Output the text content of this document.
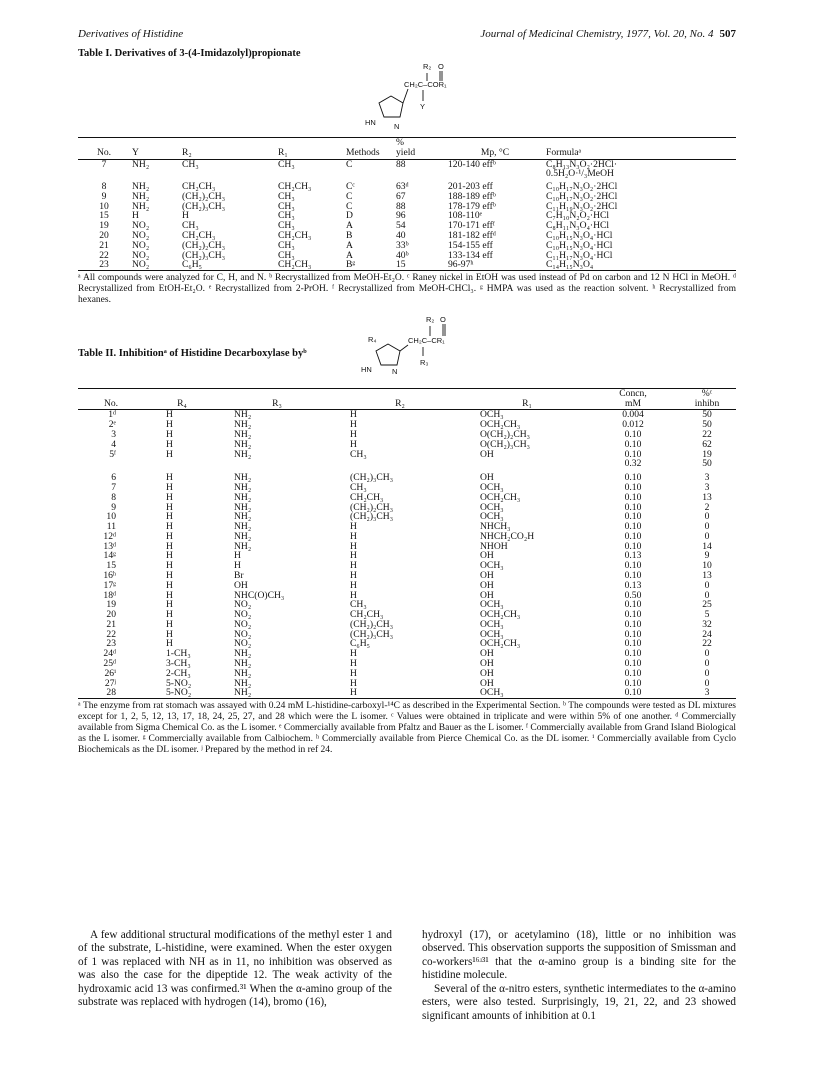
Derivatives of Histidine	Journal of Medicinal Chemistry, 1977, Vol. 20, No. 4 507
Table I. Derivatives of 3-(4-Imidazolyl)propionate
R₂ O
CH₂C–COR₁
HN N
Y
No.	Y	R₂	R₁	Methods	%
yield	Mp, °C	Formulaᵃ
7	NH₂	CH₃	CH₃	C	88	120-140 effᵇ	C₈H₁₃N₃O₂·2HCl·
0.5H₂O·¹/₃MeOH
8	NH₂	CH₂CH₃	CH₂CH₃	Cᶜ	63ᵈ	201-203 eff	C₁₀H₁₇N₃O₂·2HCl
9	NH₂	(CH₂)₂CH₃	CH₃	C	67	188-189 effᵇ	C₁₀H₁₇N₃O₂·2HCl
10	NH₂	(CH₂)₃CH₃	CH₃	C	88	178-179 effᵇ	C₁₁H₁₉N₃O₂·2HCl
15	H	H	CH₃	D	96	108-110ᵉ	C₇H₁₀N₂O₂·HCl
19	NO₂	CH₃	CH₃	A	54	170-171 effᶠ	C₈H₁₁N₃O₄·HCl
20	NO₂	CH₂CH₃	CH₂CH₃	B	40	181-182 effᵈ	C₁₀H₁₅N₃O₄·HCl
21	NO₂	(CH₂)₂CH₃	CH₃	A	33ᵇ	154-155 eff	C₁₀H₁₅N₃O₄·HCl
22	NO₂	(CH₂)₃CH₃	CH₃	A	40ᵇ	133-134 eff	C₁₁H₁₇N₃O₄·HCl
23	NO₂	C₆H₅	CH₂CH₃	Bᵍ	15	96-97ʰ	C₁₄H₁₅N₃O₄
ᵃ All compounds were analyzed for C, H, and N. ᵇ Recrystallized from MeOH-Et₂O. ᶜ Raney nickel in EtOH was used instead of Pd on carbon and 12 N HCl in MeOH. ᵈ Recrystallized from EtOH-Et₂O. ᵉ Recrystallized from 2-PrOH. ᶠ Recrystallized from MeOH-CHCl₃. ᵍ HMPA was used as the reaction solvent. ʰ Recrystallized from hexanes.
Table II. Inhibitionᵃ of Histidine Decarboxylase byᵇ
R₂ O
R₄	CH₂C–CR₁
HN	N
R₃
No.	R₄	R₃	R₂	R₁	Concn,
mM	%ᶜ
inhibn
1ᵈ	H	NH₂	H	OCH₃	0.004	50
2ᵉ	H	NH₂	H	OCH₂CH₃	0.012	50
3	H	NH₂	H	O(CH₂)₂CH₃	0.10	22
4	H	NH₂	H	O(CH₂)₃CH₃	0.10	62
5ᶠ	H	NH₂	CH₃	OH	0.10	19
					0.32	50
6	H	NH₂	(CH₂)₃CH₃	OH	0.10	3
7	H	NH₂	CH₃	OCH₃	0.10	3
8	H	NH₂	CH₂CH₃	OCH₂CH₃	0.10	13
9	H	NH₂	(CH₂)₂CH₃	OCH₃	0.10	2
10	H	NH₂	(CH₂)₃CH₃	OCH₃	0.10	0
11	H	NH₂	H	NHCH₃	0.10	0
12ᵈ	H	NH₂	H	NHCH₂CO₂H	0.10	0
13ᵈ	H	NH₂	H	NHOH	0.10	14
14ᵍ	H	H	H	OH	0.13	9
15	H	H	H	OCH₃	0.10	10
16ʰ	H	Br	H	OH	0.10	13
17ᵍ	H	OH	H	OH	0.13	0
18ᵈ	H	NHC(O)CH₃	H	OH	0.50	0
19	H	NO₂	CH₃	OCH₃	0.10	25
20	H	NO₂	CH₂CH₃	OCH₂CH₃	0.10	5
21	H	NO₂	(CH₂)₂CH₃	OCH₃	0.10	32
22	H	NO₂	(CH₂)₃CH₃	OCH₃	0.10	24
23	H	NO₂	C₆H₅	OCH₂CH₃	0.10	22
24ᵈ	1-CH₃	NH₂	H	OH	0.10	0
25ᵈ	3-CH₃	NH₂	H	OH	0.10	0
26ⁱ	2-CH₃	NH₂	H	OH	0.10	0
27ʲ	5-NO₂	NH₂	H	OH	0.10	0
28	5-NO₂	NH₂	H	OCH₃	0.10	3
ᵃ The enzyme from rat stomach was assayed with 0.24 mM L-histidine-carboxyl-¹⁴C as described in the Experimental Section. ᵇ The compounds were tested as DL mixtures except for 1, 2, 5, 12, 13, 17, 18, 24, 25, 27, and 28 which were the L isomer. ᶜ Values were obtained in triplicate and were within 5% of one another. ᵈ Commercially available from Sigma Chemical Co. as the L isomer. ᵉ Commercially available from Pfaltz and Bauer as the L isomer. ᶠ Commercially available from Grand Island Biological as the L isomer. ᵍ Commercially available from Calbiochem. ʰ Commercially available from Pierce Chemical Co. as the DL isomer. ⁱ Commercially available from Cyclo Biochemicals as the DL isomer. ʲ Prepared by the method in ref 24.

A few additional structural modifications of the methyl ester 1 and of the substrate, L-histidine, were examined. When the ester oxygen of 1 was replaced with NH as in 11, no inhibition was observed as was also the case for the dipeptide 12. The weak activity of the hydroxamic acid 13 was confirmed.³¹ When the α-amino group of the substrate was replaced with hydrogen (14), bromo (16),

hydroxyl (17), or acetylamino (18), little or no inhibition was observed. This observation supports the supposition of Smissman and co-workers¹⁶ʴ³¹ that the α-amino group is a binding site for the histidine molecule.

Several of the α-nitro esters, synthetic intermediates to the α-amino esters, were also tested. Surprisingly, 19, 21, 22, and 23 showed significant amounts of inhibition at 0.1
